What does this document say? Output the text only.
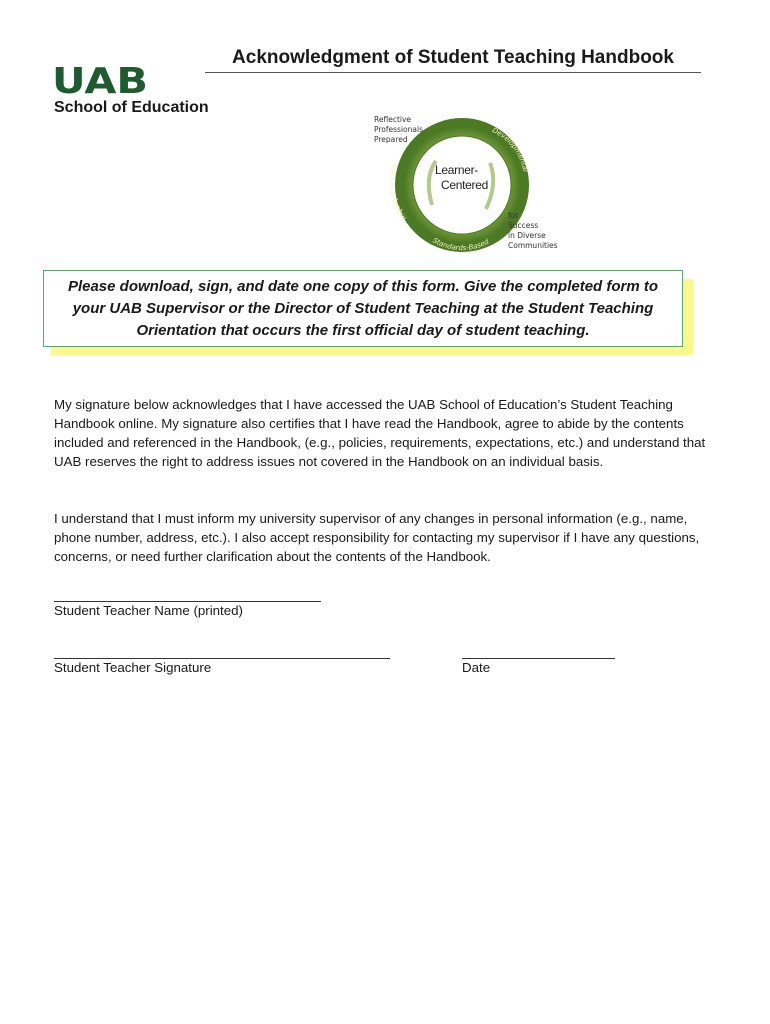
Acknowledgment of Student Teaching Handbook
UAB
School of Education
Reflective
Professionals
Prepared
Inquiry-Focused
Developmental
Standards-Based
Learner-
Centered
for
Success
in Diverse
Communities

Please download, sign, and date one copy of this form. Give the completed form to your UAB Supervisor or the Director of Student Teaching at the Student Teaching Orientation that occurs the first official day of student teaching.

My signature below acknowledges that I have accessed the UAB School of Education’s Student Teaching Handbook online. My signature also certifies that I have read the Handbook, agree to abide by the contents included and referenced in the Handbook, (e.g., policies, requirements, expectations, etc.) and understand that UAB reserves the right to address issues not covered in the Handbook on an individual basis.

I understand that I must inform my university supervisor of any changes in personal information (e.g., name, phone number, address, etc.). I also accept responsibility for contacting my supervisor if I have any questions, concerns, or need further clarification about the contents of the Handbook.

Student Teacher Name (printed)
Student Teacher Signature	Date
